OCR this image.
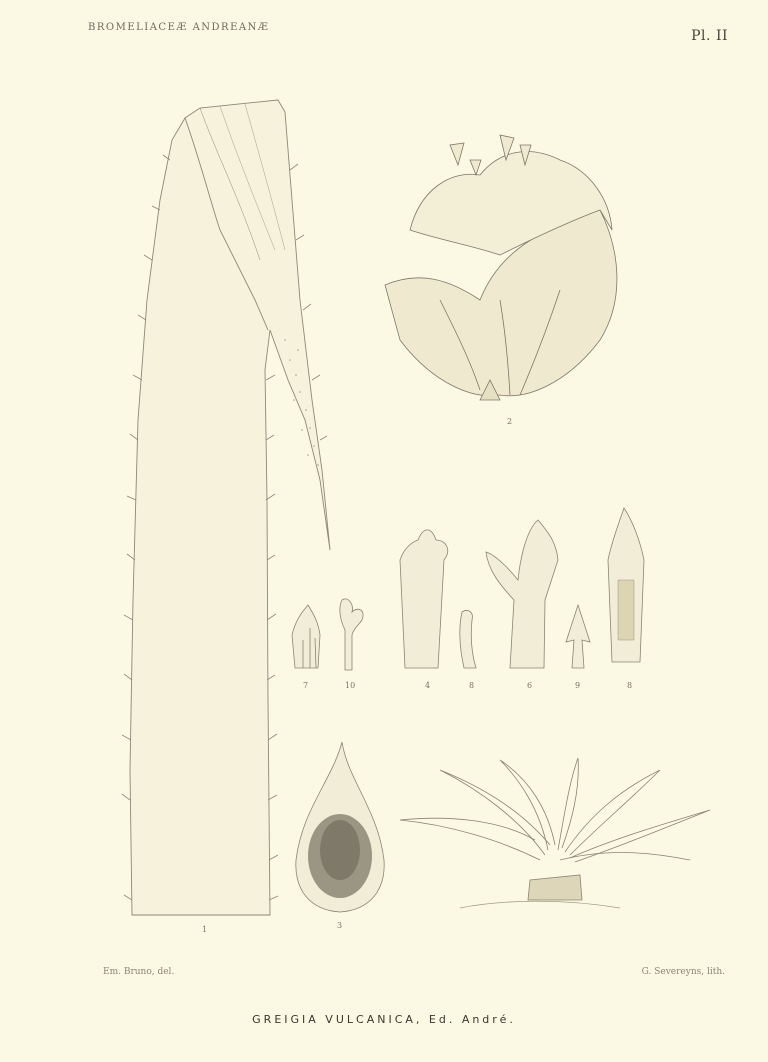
BROMELIACEÆ ANDREANÆ
Pl. II
1
2
7	10	4	8	6	9	8
3
Em. Bruno, del.	G. Severeyns, lith.
GREIGIA VULCANICA, Ed. André.
